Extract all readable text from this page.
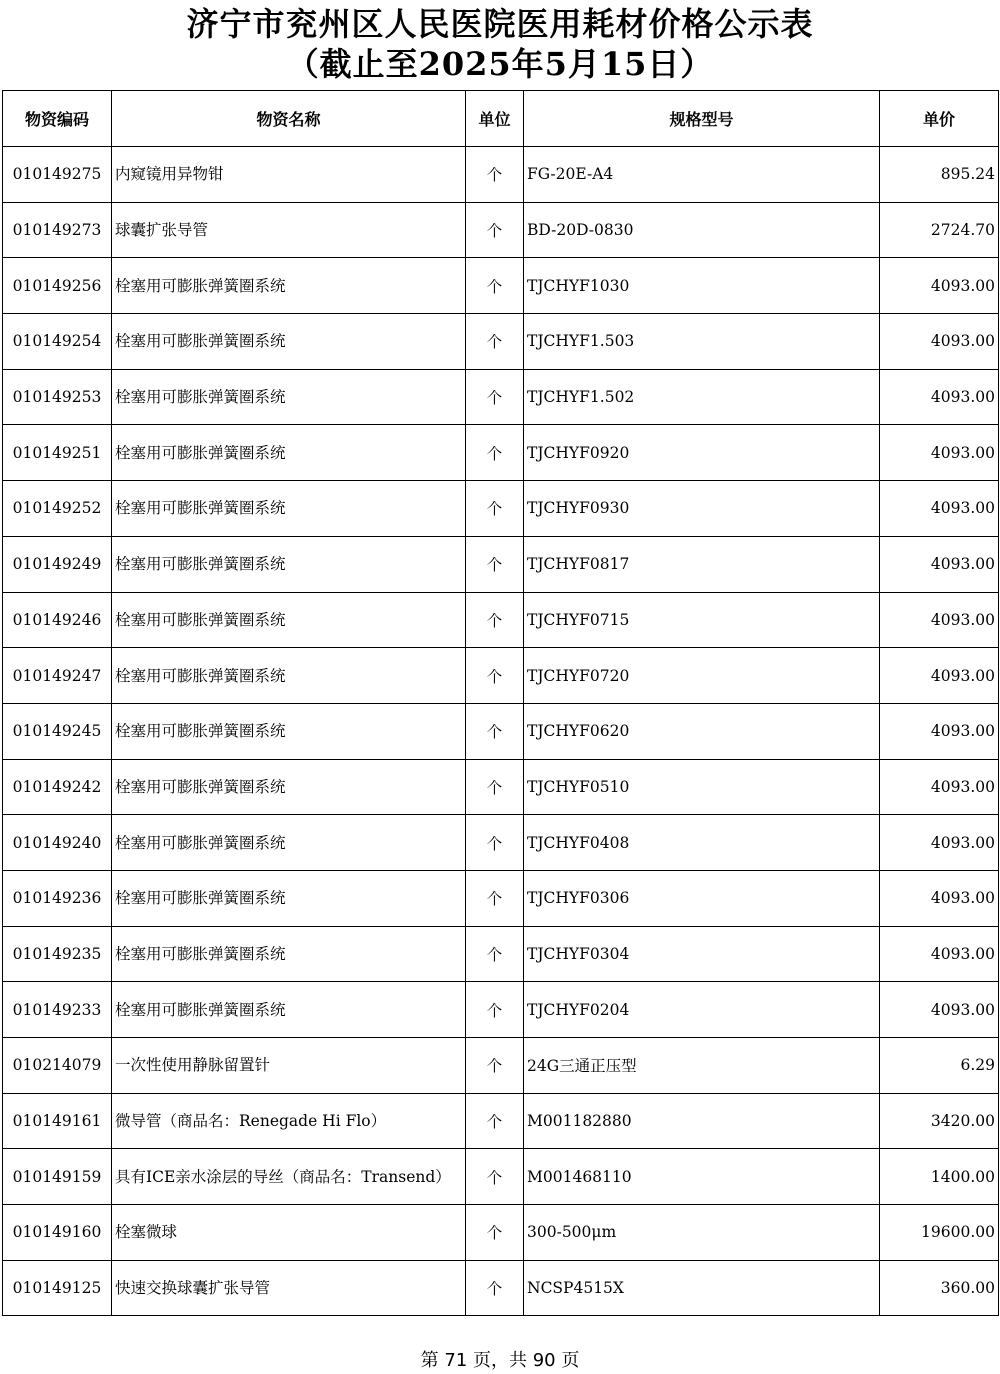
济宁市兖州区人民医院医用耗材价格公示表
（截止至2025年5月15日）
物资编码	物资名称	单位	规格型号	单价
010149275	内窥镜用异物钳	个	FG-20E-A4	895.24
010149273	球囊扩张导管	个	BD-20D-0830	2724.70
010149256	栓塞用可膨胀弹簧圈系统	个	TJCHYF1030	4093.00
010149254	栓塞用可膨胀弹簧圈系统	个	TJCHYF1.503	4093.00
010149253	栓塞用可膨胀弹簧圈系统	个	TJCHYF1.502	4093.00
010149251	栓塞用可膨胀弹簧圈系统	个	TJCHYF0920	4093.00
010149252	栓塞用可膨胀弹簧圈系统	个	TJCHYF0930	4093.00
010149249	栓塞用可膨胀弹簧圈系统	个	TJCHYF0817	4093.00
010149246	栓塞用可膨胀弹簧圈系统	个	TJCHYF0715	4093.00
010149247	栓塞用可膨胀弹簧圈系统	个	TJCHYF0720	4093.00
010149245	栓塞用可膨胀弹簧圈系统	个	TJCHYF0620	4093.00
010149242	栓塞用可膨胀弹簧圈系统	个	TJCHYF0510	4093.00
010149240	栓塞用可膨胀弹簧圈系统	个	TJCHYF0408	4093.00
010149236	栓塞用可膨胀弹簧圈系统	个	TJCHYF0306	4093.00
010149235	栓塞用可膨胀弹簧圈系统	个	TJCHYF0304	4093.00
010149233	栓塞用可膨胀弹簧圈系统	个	TJCHYF0204	4093.00
010214079	一次性使用静脉留置针	个	24G三通正压型	6.29
010149161	微导管（商品名：Renegade Hi Flo）	个	M001182880	3420.00
010149159	具有ICE亲水涂层的导丝（商品名：Transend）	个	M001468110	1400.00
010149160	栓塞微球	个	300-500μm	19600.00
010149125	快速交换球囊扩张导管	个	NCSP4515X	360.00
第 71 页，共 90 页
